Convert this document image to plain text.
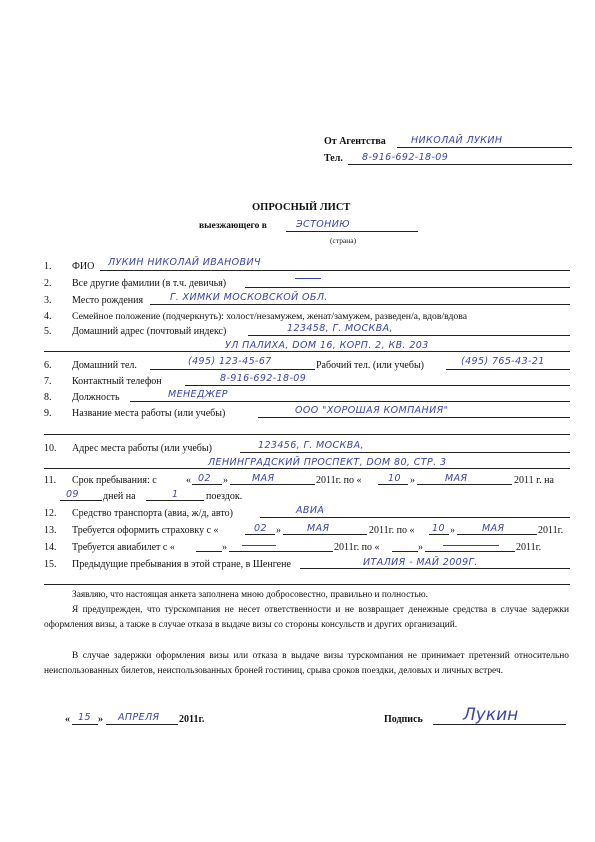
От Агентства	НИКОЛАЙ ЛУКИН
Тел. 8-916-692-18-09
ОПРОСНЫЙ ЛИСТ
выезжающего в	ЭСТОНИЮ
(страна)
1. ФИО ЛУКИН НИКОЛАЙ ИВАНОВИЧ
2. Все другие фамилии (в т.ч. девичья)
3. Место рождения	Г. ХИМКИ МОСКОВСКОЙ ОБЛ.
4. Семейное положение (подчеркнуть): холост/незамужем, женат/замужем, разведен/а, вдов/вдова
5. Домашний адрес (почтовый индекс)	123458, Г. МОСКВА,
УЛ ПАЛИХА, DOM 16, КОРП. 2, КВ. 203
6. Домашний тел.	(495) 123-45-67	Рабочий тел. (или учебы)	(495) 765-43-21
7. Контактный телефон	8-916-692-18-09
8. Должность	МЕНЕДЖЕР
9. Название места работы (или учебы)	ООО "ХОРОШАЯ КОМПАНИЯ"
10. Адрес места работы (или учебы)	123456, Г. МОСКВА,
ЛЕНИНГРАДСКИЙ ПРОСПЕКТ, DOM 80, СТР. 3
11. Срок пребывания: с	« 02 »	МАЯ	2011г. по «	10 »	МАЯ	2011 г. на
09 дней на	1	поездок.
12. Средство транспорта (авиа, ж/д, авто)	АВИА
13. Требуется оформить страховку с «	02 »	МАЯ	2011г. по « 10 »	МАЯ	2011г.
14. Требуется авиабилет с «	»	2011г. по «	»	2011г.
15. Предыдущие пребывания в этой стране, в Шенгене	ИТАЛИЯ - МАЙ 2009Г.
Заявляю, что настоящая анкета заполнена мною добросовестно, правильно и полностью.
Я предупрежден, что турскомпания не несет ответственности и не возвращает денежные средства в случае задержки оформления визы, а также в случае отказа в выдаче визы со стороны консульств и других организаций.
В случае задержки оформления визы или отказа в выдаче визы турскомпания не принимает претензий относительно неиспользованных билетов, неиспользованных броней гостиниц, срыва сроков поездки, деловых и личных встреч.
« 15 » АПРЕЛЯ 2011г.	Подпись Лукин
